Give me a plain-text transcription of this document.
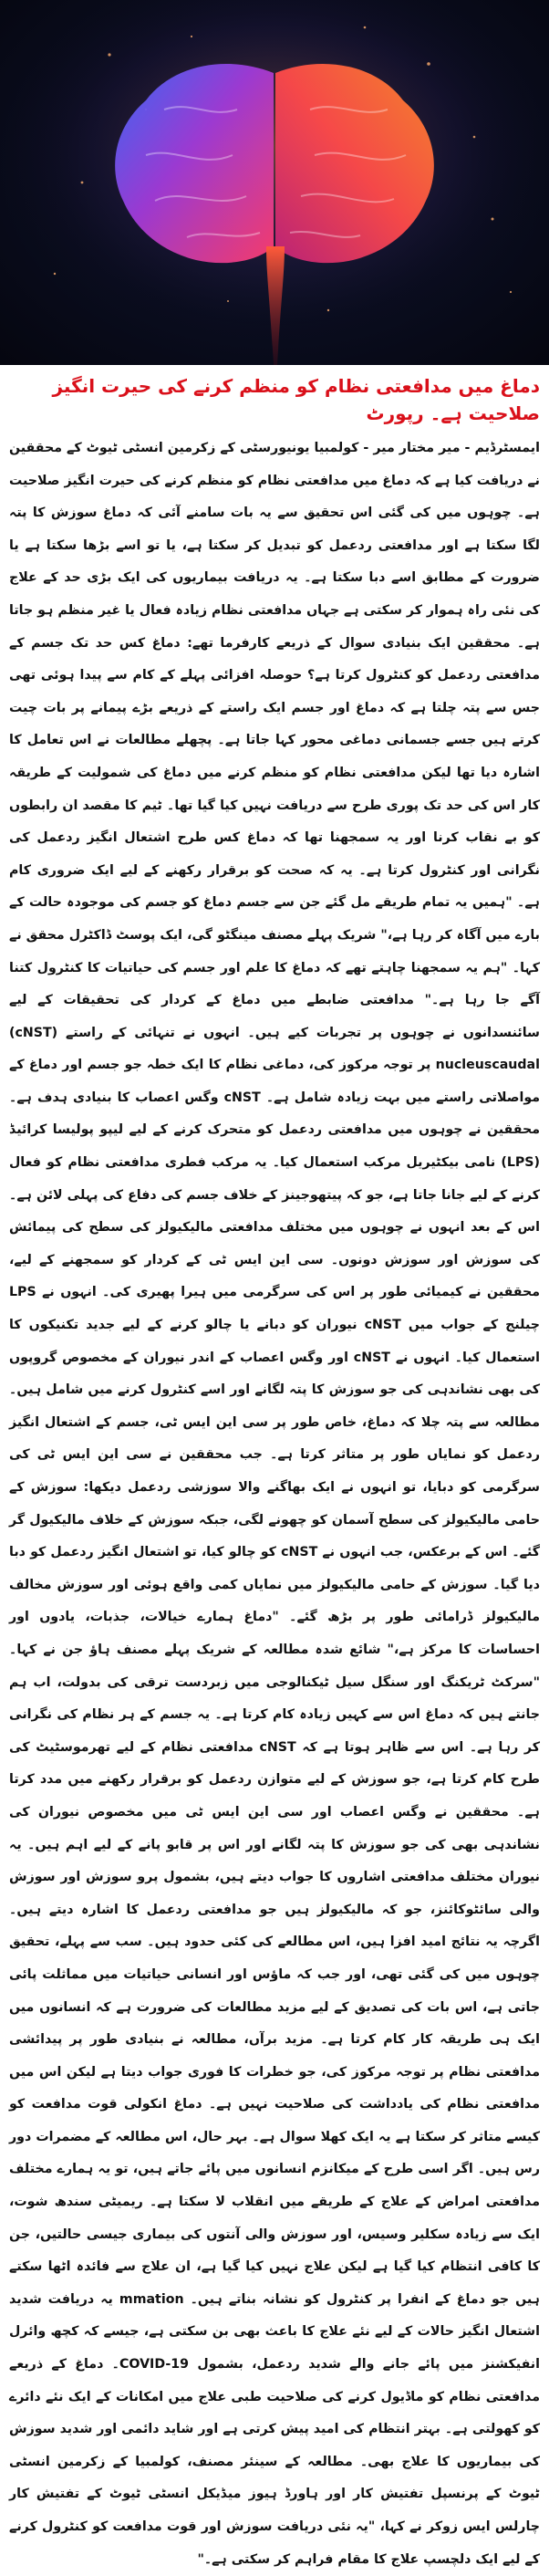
دماغ میں مدافعتی نظام کو منظم کرنے کی حیرت انگیز صلاحیت ہے۔ رپورٹ
ایمسٹرڈیم - میر مختار میر - کولمبیا یونیورسٹی کے زکرمین انسٹی ٹیوٹ کے محققین نے دریافت کیا ہے کہ دماغ میں مدافعتی نظام کو منظم کرنے کی حیرت انگیز صلاحیت ہے۔ چوہوں میں کی گئی اس تحقیق سے یہ بات سامنے آئی کہ دماغ سوزش کا پتہ لگا سکتا ہے اور مدافعتی ردعمل کو تبدیل کر سکتا ہے، یا تو اسے بڑھا سکتا ہے یا ضرورت کے مطابق اسے دبا سکتا ہے۔ یہ دریافت بیماریوں کی ایک بڑی حد کے علاج کی نئی راہ ہموار کر سکتی ہے جہاں مدافعتی نظام زیادہ فعال یا غیر منظم ہو جاتا ہے۔ محققین ایک بنیادی سوال کے ذریعے کارفرما تھے: دماغ کس حد تک جسم کے مدافعتی ردعمل کو کنٹرول کرتا ہے؟ حوصلہ افزائی پہلے کے کام سے پیدا ہوئی تھی جس سے پتہ چلتا ہے کہ دماغ اور جسم ایک راستے کے ذریعے بڑے پیمانے پر بات چیت کرتے ہیں جسے جسمانی دماغی محور کہا جاتا ہے۔ پچھلے مطالعات نے اس تعامل کا اشارہ دیا تھا لیکن مدافعتی نظام کو منظم کرنے میں دماغ کی شمولیت کے طریقہ کار اس کی حد تک پوری طرح سے دریافت نہیں کیا گیا تھا۔ ٹیم کا مقصد ان رابطوں کو بے نقاب کرنا اور یہ سمجھنا تھا کہ دماغ کس طرح اشتعال انگیز ردعمل کی نگرانی اور کنٹرول کرتا ہے۔ یہ کہ صحت کو برقرار رکھنے کے لیے ایک ضروری کام ہے۔ "ہمیں یہ تمام طریقے مل گئے جن سے جسم دماغ کو جسم کی موجودہ حالت کے بارے میں آگاہ کر رہا ہے،" شریک پہلے مصنف مینگٹو گی، ایک پوسٹ ڈاکٹرل محقق نے کہا۔ "ہم یہ سمجھنا چاہتے تھے کہ دماغ کا علم اور جسم کی حیاتیات کا کنٹرول کتنا آگے جا رہا ہے۔" مدافعتی ضابطے میں دماغ کے کردار کی تحقیقات کے لیے سائنسدانوں نے چوہوں پر تجربات کیے ہیں۔ انہوں نے تنہائی کے راستے (cNST) nucleuscaudal پر توجہ مرکوز کی، دماغی نظام کا ایک خطہ جو جسم اور دماغ کے مواصلاتی راستے میں بہت زیادہ شامل ہے۔ cNST وگس اعصاب کا بنیادی ہدف ہے۔ محققین نے چوہوں میں مدافعتی ردعمل کو متحرک کرنے کے لیے لیپو پولیسا کرائیڈ (LPS) نامی بیکٹیریل مرکب استعمال کیا۔ یہ مرکب فطری مدافعتی نظام کو فعال کرنے کے لیے جانا جاتا ہے، جو کہ پیتھوجینز کے خلاف جسم کی دفاع کی پہلی لائن ہے۔ اس کے بعد انہوں نے چوہوں میں مختلف مدافعتی مالیکیولز کی سطح کی پیمائش کی سوزش اور سوزش دونوں۔ سی این ایس ٹی کے کردار کو سمجھنے کے لیے، محققین نے کیمیائی طور پر اس کی سرگرمی میں ہیرا پھیری کی۔ انہوں نے LPS چیلنج کے جواب میں cNST نیوران کو دبانے یا چالو کرنے کے لیے جدید تکنیکوں کا استعمال کیا۔ انہوں نے cNST اور وگس اعصاب کے اندر نیوران کے مخصوص گروپوں کی بھی نشاندہی کی جو سوزش کا پتہ لگانے اور اسے کنٹرول کرنے میں شامل ہیں۔ مطالعہ سے پتہ چلا کہ دماغ، خاص طور پر سی این ایس ٹی، جسم کے اشتعال انگیز ردعمل کو نمایاں طور پر متاثر کرتا ہے۔ جب محققین نے سی این ایس ٹی کی سرگرمی کو دبایا، تو انہوں نے ایک بھاگنے والا سوزشی ردعمل دیکھا: سوزش کے حامی مالیکیولز کی سطح آسمان کو چھونے لگی، جبکہ سوزش کے خلاف مالیکیول گر گئے۔ اس کے برعکس، جب انہوں نے cNST کو چالو کیا، تو اشتعال انگیز ردعمل کو دبا دیا گیا۔ سوزش کے حامی مالیکیولز میں نمایاں کمی واقع ہوئی اور سوزش مخالف مالیکیولز ڈرامائی طور پر بڑھ گئے۔ "دماغ ہمارے خیالات، جذبات، یادوں اور احساسات کا مرکز ہے،" شائع شدہ مطالعہ کے شریک پہلے مصنف ہاؤ جن نے کہا۔ "سرکٹ ٹریکنگ اور سنگل سیل ٹیکنالوجی میں زبردست ترقی کی بدولت، اب ہم جانتے ہیں کہ دماغ اس سے کہیں زیادہ کام کرتا ہے۔ یہ جسم کے ہر نظام کی نگرانی کر رہا ہے۔ اس سے ظاہر ہوتا ہے کہ cNST مدافعتی نظام کے لیے تھرموسٹیٹ کی طرح کام کرتا ہے، جو سوزش کے لیے متوازن ردعمل کو برقرار رکھنے میں مدد کرتا ہے۔ محققین نے وگس اعصاب اور سی این ایس ٹی میں مخصوص نیوران کی نشاندہی بھی کی جو سوزش کا پتہ لگانے اور اس پر قابو پانے کے لیے اہم ہیں۔ یہ نیوران مختلف مدافعتی اشاروں کا جواب دیتے ہیں، بشمول پرو سوزش اور سوزش والی سائٹوکائنز، جو کہ مالیکیولز ہیں جو مدافعتی ردعمل کا اشارہ دیتے ہیں۔ اگرچہ یہ نتائج امید افزا ہیں، اس مطالعے کی کئی حدود ہیں۔ سب سے پہلے، تحقیق چوہوں میں کی گئی تھی، اور جب کہ ماؤس اور انسانی حیاتیات میں مماثلت پائی جاتی ہے، اس بات کی تصدیق کے لیے مزید مطالعات کی ضرورت ہے کہ انسانوں میں ایک ہی طریقہ کار کام کرتا ہے۔ مزید برآں، مطالعہ نے بنیادی طور پر پیدائشی مدافعتی نظام پر توجہ مرکوز کی، جو خطرات کا فوری جواب دیتا ہے لیکن اس میں مدافعتی نظام کی یادداشت کی صلاحیت نہیں ہے۔ دماغ انکولی قوت مدافعت کو کیسے متاثر کر سکتا ہے یہ ایک کھلا سوال ہے۔ بہر حال، اس مطالعہ کے مضمرات دور رس ہیں۔ اگر اسی طرح کے میکانزم انسانوں میں پائے جاتے ہیں، تو یہ ہمارے مختلف مدافعتی امراض کے علاج کے طریقے میں انقلاب لا سکتا ہے۔ ریمیٹی سندھ شوت، ایک سے زیادہ سکلیر وسیس، اور سوزش والی آنتوں کی بیماری جیسی حالتیں، جن کا کافی انتظام کیا گیا ہے لیکن علاج نہیں کیا گیا ہے، ان علاج سے فائدہ اٹھا سکتے ہیں جو دماغ کے انفرا پر کنٹرول کو نشانہ بناتے ہیں۔ mmation یہ دریافت شدید اشتعال انگیز حالات کے لیے نئے علاج کا باعث بھی بن سکتی ہے، جیسے کہ کچھ وائرل انفیکشنز میں پائے جانے والے شدید ردعمل، بشمول COVID-19۔ دماغ کے ذریعے مدافعتی نظام کو ماڈیول کرنے کی صلاحیت طبی علاج میں امکانات کے ایک نئے دائرے کو کھولتی ہے۔ بہتر انتظام کی امید پیش کرتی ہے اور شاید دائمی اور شدید سوزش کی بیماریوں کا علاج بھی۔ مطالعہ کے سینئر مصنف، کولمبیا کے زکرمین انسٹی ٹیوٹ کے پرنسپل تفتیش کار اور ہاورڈ ہیوز میڈیکل انسٹی ٹیوٹ کے تفتیش کار چارلس ایس زوکر نے کہا، "یہ نئی دریافت سوزش اور قوت مدافعت کو کنٹرول کرنے کے لیے ایک دلچسپ علاج کا مقام فراہم کر سکتی ہے۔"
